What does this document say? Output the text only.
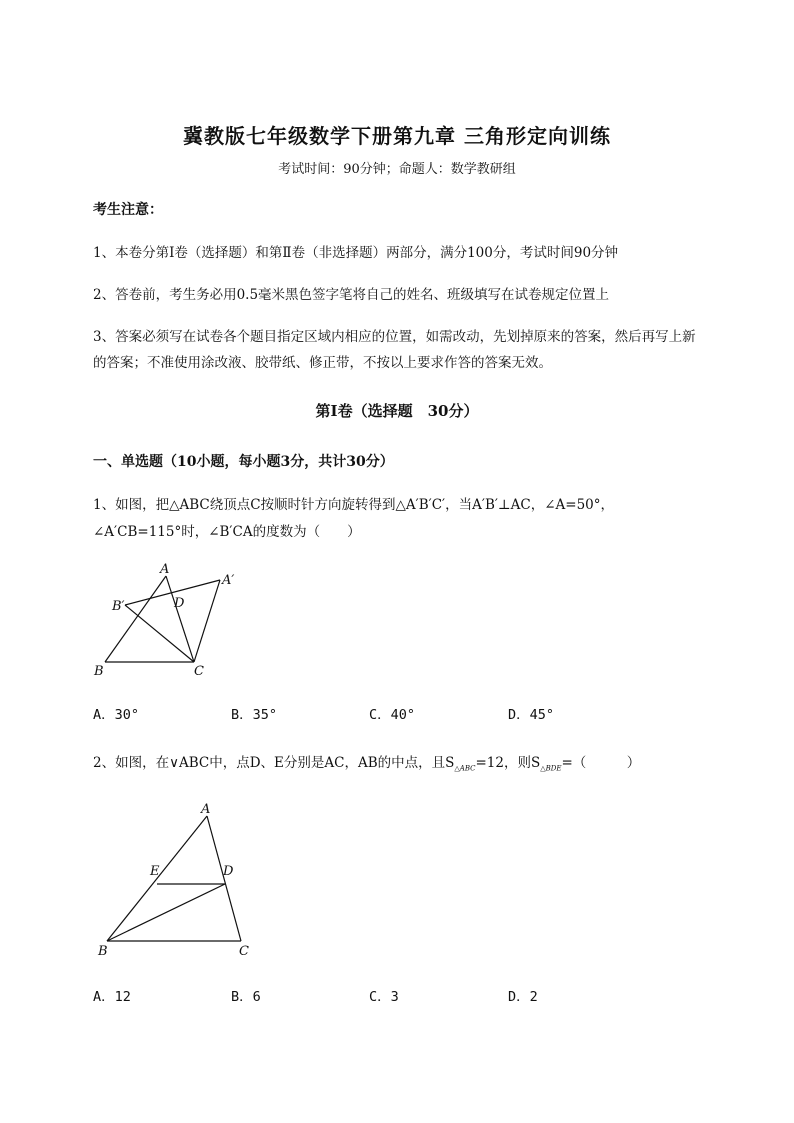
冀教版七年级数学下册第九章 三角形定向训练
考试时间：90分钟；命题人：数学教研组
考生注意：
1、本卷分第I卷（选择题）和第Ⅱ卷（非选择题）两部分，满分100分，考试时间90分钟
2、答卷前，考生务必用0.5毫米黑色签字笔将自己的姓名、班级填写在试卷规定位置上
3、答案必须写在试卷各个题目指定区域内相应的位置，如需改动，先划掉原来的答案，然后再写上新
的答案；不准使用涂改液、胶带纸、修正带，不按以上要求作答的答案无效。
第I卷（选择题　30分）
一、单选题（10小题，每小题3分，共计30分）
1、如图，把△ABC绕顶点C按顺时针方向旋转得到△A′B′C′，当A′B′⊥AC，∠A=50°，
∠A′CB=115°时，∠B′CA的度数为（　　）
A
A′
B′	D
B	C
A．30°	B．35°	C．40°	D．45°
2、如图，在∨ABC中，点D、E分别是AC，AB的中点，且$S_{\triangle ABC}=12$，则$S_{\triangle BDE}=$（　　　）
A
E	D
B	C
A．12	B．6	C．3	D．2
